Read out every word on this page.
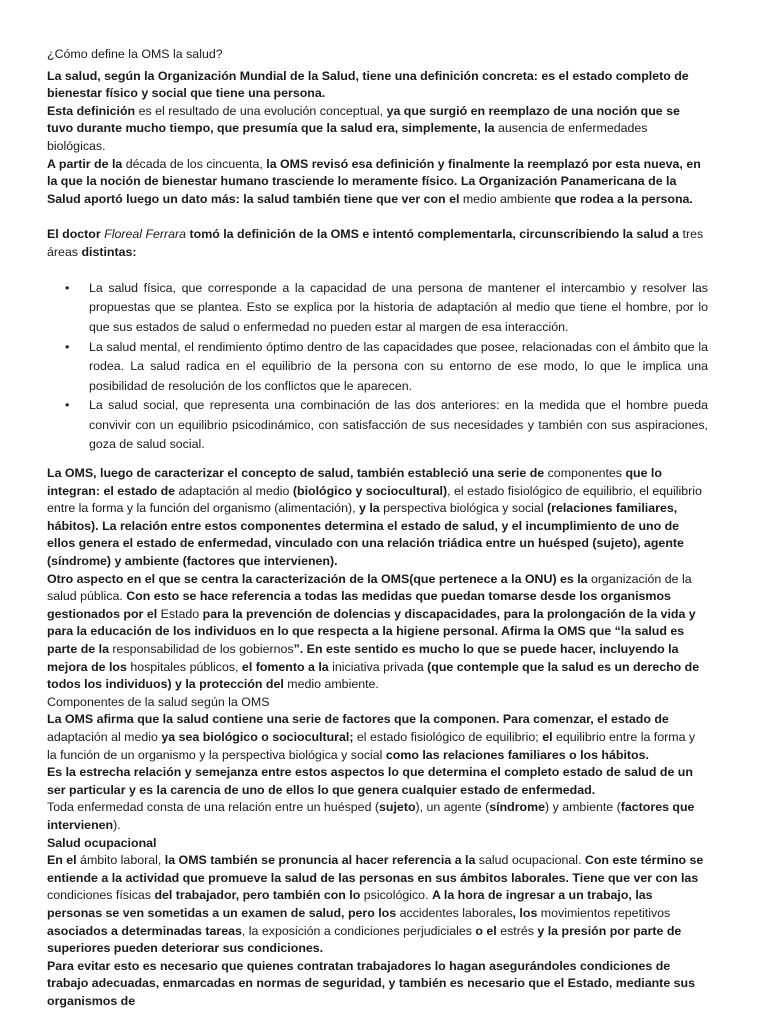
¿Cómo define la OMS la salud?

La salud, según la Organización Mundial de la Salud, tiene una definición concreta: es el estado completo de bienestar físico y social que tiene una persona.

Esta definición es el resultado de una evolución conceptual, ya que surgió en reemplazo de una noción que se tuvo durante mucho tiempo, que presumía que la salud era, simplemente, la ausencia de enfermedades biológicas.

A partir de la década de los cincuenta, la OMS revisó esa definición y finalmente la reemplazó por esta nueva, en la que la noción de bienestar humano trasciende lo meramente físico. La Organización Panamericana de la Salud aportó luego un dato más: la salud también tiene que ver con el medio ambiente que rodea a la persona.

El doctor Floreal Ferrara tomó la definición de la OMS e intentó complementarla, circunscribiendo la salud a tres áreas distintas:

• La salud física, que corresponde a la capacidad de una persona de mantener el intercambio y resolver las propuestas que se plantea. Esto se explica por la historia de adaptación al medio que tiene el hombre, por lo que sus estados de salud o enfermedad no pueden estar al margen de esa interacción.
• La salud mental, el rendimiento óptimo dentro de las capacidades que posee, relacionadas con el ámbito que la rodea. La salud radica en el equilibrio de la persona con su entorno de ese modo, lo que le implica una posibilidad de resolución de los conflictos que le aparecen.
• La salud social, que representa una combinación de las dos anteriores: en la medida que el hombre pueda convivir con un equilibrio psicodinámico, con satisfacción de sus necesidades y también con sus aspiraciones, goza de salud social.

La OMS, luego de caracterizar el concepto de salud, también estableció una serie de componentes que lo integran: el estado de adaptación al medio (biológico y sociocultural), el estado fisiológico de equilibrio, el equilibrio entre la forma y la función del organismo (alimentación), y la perspectiva biológica y social (relaciones familiares, hábitos). La relación entre estos componentes determina el estado de salud, y el incumplimiento de uno de ellos genera el estado de enfermedad, vinculado con una relación triádica entre un huésped (sujeto), agente (síndrome) y ambiente (factores que intervienen).

Otro aspecto en el que se centra la caracterización de la OMS(que pertenece a la ONU) es la organización de la salud pública. Con esto se hace referencia a todas las medidas que puedan tomarse desde los organismos gestionados por el Estado para la prevención de dolencias y discapacidades, para la prolongación de la vida y para la educación de los individuos en lo que respecta a la higiene personal. Afirma la OMS que “la salud es parte de la responsabilidad de los gobiernos”. En este sentido es mucho lo que se puede hacer, incluyendo la mejora de los hospitales públicos, el fomento a la iniciativa privada (que contemple que la salud es un derecho de todos los individuos) y la protección del medio ambiente.

Componentes de la salud según la OMS

La OMS afirma que la salud contiene una serie de factores que la componen. Para comenzar, el estado de adaptación al medio ya sea biológico o sociocultural; el estado fisiológico de equilibrio; el equilibrio entre la forma y la función de un organismo y la perspectiva biológica y social como las relaciones familiares o los hábitos.

Es la estrecha relación y semejanza entre estos aspectos lo que determina el completo estado de salud de un ser particular y es la carencia de uno de ellos lo que genera cualquier estado de enfermedad.

Toda enfermedad consta de una relación entre un huésped (sujeto), un agente (síndrome) y ambiente (factores que intervienen).

Salud ocupacional

En el ámbito laboral, la OMS también se pronuncia al hacer referencia a la salud ocupacional. Con este término se entiende a la actividad que promueve la salud de las personas en sus ámbitos laborales. Tiene que ver con las condiciones físicas del trabajador, pero también con lo psicológico. A la hora de ingresar a un trabajo, las personas se ven sometidas a un examen de salud, pero los accidentes laborales, los movimientos repetitivos asociados a determinadas tareas, la exposición a condiciones perjudiciales o el estrés y la presión por parte de superiores pueden deteriorar sus condiciones.

Para evitar esto es necesario que quienes contratan trabajadores lo hagan asegurándoles condiciones de trabajo adecuadas, enmarcadas en normas de seguridad, y también es necesario que el Estado, mediante sus organismos de
